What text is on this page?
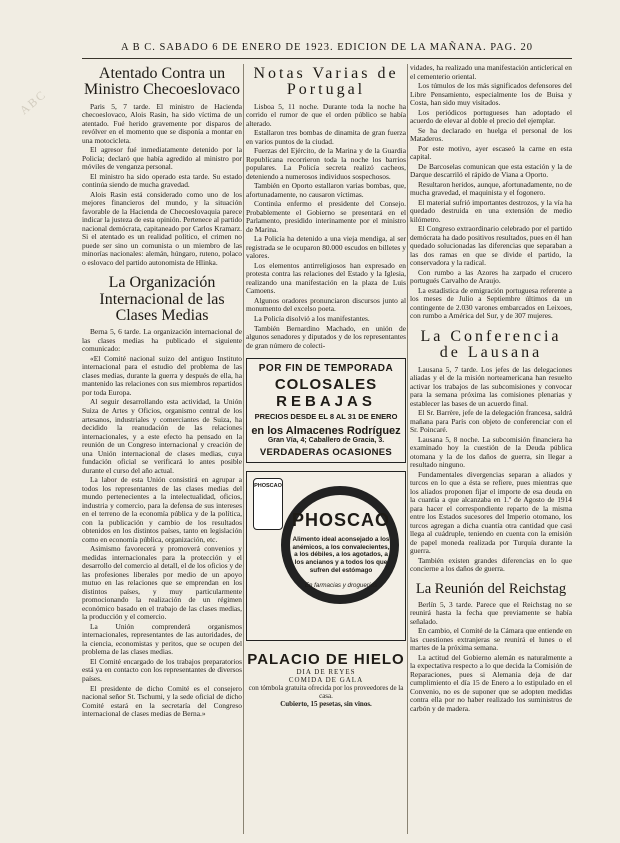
ABC
A B C. SABADO 6 DE ENERO DE 1923. EDICION DE LA MAÑANA. PAG. 20
Atentado Contra un Ministro Checoeslovaco

Paris 5, 7 tarde. El ministro de Hacienda checoeslovaco, Alois Rasin, ha sido víctima de un atentado. Fué herido gravemente por disparos de revólver en el momento que se disponía a montar en una motocicleta.

El agresor fué inmediatamente detenido por la Policía; declaró que había agredido al ministro por móviles de venganza personal.

El ministro ha sido operado esta tarde. Su estado continúa siendo de mucha gravedad.

Alois Rasin está considerado como uno de los mejores financieros del mundo, y la situación favorable de la Hacienda de Checoeslovaquia parece indicar la justeza de esta opinión. Pertenece al partido nacional demócrata, capitaneado por Carlos Kramarz. Si el atentado es un realidad político, el crimen no puede ser sino un comunista o un miembro de las minorías nacionales: alemán, húngaro, ruteno, polaco o eslovaco del partido autonomista de Hlinka.

La Organización Internacional de las Clases Medias

Berna 5, 6 tarde. La organización internacional de las clases medias ha publicado el siguiente comunicado:

«El Comité nacional suizo del antiguo Instituto internacional para el estudio del problema de las clases medias, durante la guerra y después de ella, ha mantenido las relaciones con sus miembros repartidos por toda Europa.

Al seguir desarrollando esta actividad, la Unión Suiza de Artes y Oficios, organismo central de los artesanos, industriales y comerciantes de Suiza, ha decidido la reanudación de las relaciones internacionales, y a este efecto ha pensado en la reunión de un Congreso internacional y creación de una Unión internacional de clases medias, cuya fundación oficial se verificará lo antes posible durante el curso del año actual.

La labor de esta Unión consistirá en agrupar a todos los representantes de las clases medias del mundo pertenecientes a la intelectualidad, oficios, industria y comercio, para la defensa de sus intereses en el terreno de la economía pública y de la política, con la publicación y cambio de los resultados obtenidos en los distintos países, tanto en legislación como en economía pública, organización, etc.

Asimismo favorecerá y promoverá convenios y medidas internacionales para la protección y el desarrollo del comercio al detall, el de los oficios y de las profesiones liberales por medio de un apoyo mutuo en las relaciones que se emprendan en los distintos países, y muy particularmente promocionando la realización de un régimen económico basado en el trabajo de las clases medias, la producción y el comercio.

La Unión comprenderá organismos internacionales, representantes de las autoridades, de la ciencia, economistas y peritos, que se ocupen del problema de las clases medias.

El Comité encargado de los trabajos preparatorios está ya en contacto con los representantes de diversos países.

El presidente de dicho Comité es el consejero nacional señor St. Tschumi, y la sede oficial de dicho Comité estará en la secretaría del Congreso internacional de clases medias de Berna.»

Notas Varias de Portugal

Lisboa 5, 11 noche. Durante toda la noche ha corrido el rumor de que el orden público se había alterado.

Estallaron tres bombas de dinamita de gran fuerza en varios puntos de la ciudad.

Fuerzas del Ejército, de la Marina y de la Guardia Republicana recorrieron toda la noche los barrios populares. La Policía secreta realizó cacheos, deteniendo a numerosos individuos sospechosos.

También en Oporto estallaron varias bombas, que, afortunadamente, no causaron víctimas.

Continúa enfermo el presidente del Consejo. Probablemente el Gobierno se presentará en el Parlamento, presidido interinamente por el ministro de Marina.

La Policía ha detenido a una vieja mendiga, al ser registrada se le ocuparon 80.000 escudos en billetes y valores.

Los elementos antirreligiosos han expresado en protesta contra las relaciones del Estado y la Iglesia, realizando una manifestación en la plaza de Luis Camoens.

Algunos oradores pronunciaron discursos junto al monumento del excelso poeta.

La Policía disolvió a los manifestantes.

También Bernardino Machado, en unión de algunos senadores y diputados y de los representantes de gran número de colecti-

POR FIN DE TEMPORADA
COLOSALES
REBAJAS
PRECIOS DESDE EL 8 AL 31 DE ENERO
en los Almacenes Rodríguez
Gran Vía, 4; Caballero de Gracia, 3.
VERDADERAS OCASIONES
PHOSCAO
PHOSCAO
Alimento ideal aconsejado a los anémicos, a los convalecientes, a los débiles, a los agotados, a los ancianos y a todos los que sufren del estómago
En farmacias y droguerías
PALACIO DE HIELO
DIA DE REYES
COMIDA DE GALA
con tómbola gratuita ofrecida por los proveedores de la casa.
Cubierto, 15 pesetas, sin vinos.

vidades, ha realizado una manifestación anticlerical en el cementerio oriental.

Los túmulos de los más significados defensores del Libre Pensamiento, especialmente los de Buisa y Costa, han sido muy visitados.

Los periódicos portugueses han adoptado el acuerdo de elevar al doble el precio del ejemplar.

Se ha declarado en huelga el personal de los Mataderos.

Por este motivo, ayer escaseó la carne en esta capital.

De Barcoselas comunican que esta estación y la de Darque descarriló el rápido de Viana a Oporto.

Resultaron heridos, aunque, afortunadamente, no de mucha gravedad, el maquinista y el fogonero.

El material sufrió importantes destrozos, y la vía ha quedado destruida en una extensión de medio kilómetro.

El Congreso extraordinario celebrado por el partido demócrata ha dado positivos resultados, pues en él han quedado solucionadas las diferencias que separaban a las dos ramas en que se divide el partido, la conservadora y la radical.

Con rumbo a las Azores ha zarpado el crucero portugués Carvalho de Araujo.

La estadística de emigración portuguesa referente a los meses de Julio a Septiembre últimos da un contingente de 2.030 varones embarcados en Leixoes, con rumbo a América del Sur, y de 307 mujeres.

La Conferencia de Lausana

Lausana 5, 7 tarde. Los jefes de las delegaciones aliadas y el de la misión norteamericana han resuelto activar los trabajos de las subcomisiones y convocar para la semana próxima las comisiones plenarias y establecer las bases de un acuerdo final.

El Sr. Barrère, jefe de la delegación francesa, saldrá mañana para París con objeto de conferenciar con el Sr. Poincaré.

Lausana 5, 8 noche. La subcomisión financiera ha examinado hoy la cuestión de la Deuda pública otomana y la de los daños de guerra, sin llegar a resultado ninguno.

Fundamentales divergencias separan a aliados y turcos en lo que a ésta se refiere, pues mientras que los aliados proponen fijar el importe de esa deuda en la cuantía a que alcanzaba en 1.º de Agosto de 1914 para hacer el correspondiente reparto de la misma entre los Estados sucesores del Imperio otomano, los turcos agregan a dicha cuantía otra cantidad que casi llega al cuádruple, teniendo en cuenta con la emisión de papel moneda realizada por Turquía durante la guerra.

También existen grandes diferencias en lo que concierne a los daños de guerra.

La Reunión del Reichstag

Berlín 5, 3 tarde. Parece que el Reichstag no se reunirá hasta la fecha que previamente se había señalado.

En cambio, el Comité de la Cámara que entiende en las cuestiones extranjeras se reunirá el lunes o el martes de la próxima semana.

La actitud del Gobierno alemán es naturalmente a la expectativa respecto a lo que decida la Comisión de Reparaciones, pues si Alemania deja de dar cumplimiento el día 15 de Enero a lo estipulado en el Convenio, no es de suponer que se adopten medidas contra ella por no haber realizado los suministros de carbón y de madera.
